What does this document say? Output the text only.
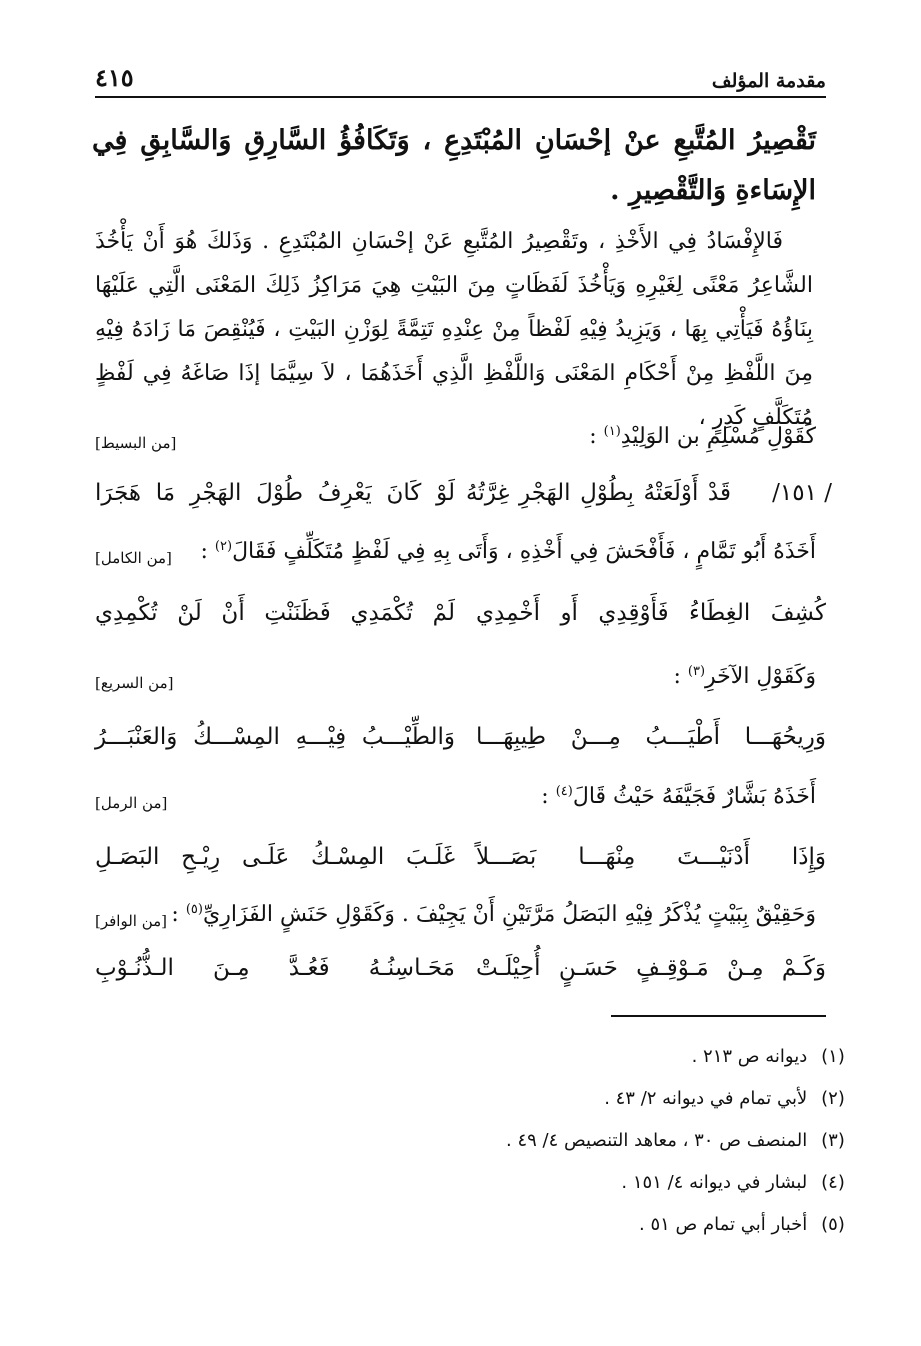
مقدمة المؤلف
٤١٥
تَقْصِيرُ المُتَّبعِ عنْ إحْسَانِ المُبْتَدِعِ ، وَتَكَافُؤُ السَّارِقِ وَالسَّابِقِ فِي الإِسَاءةِ وَالتَّقْصِيرِ .
فَالإِفْسَادُ فِي الأَخْذِ ، وتَقْصِيرُ المُتَّبعِ عَنْ إحْسَانِ المُبْتَدِعِ . وَذَلكَ هُوَ أَنْ يَأْخُذَ الشَّاعِرُ مَعْنًى لِغَيْرِهِ وَيَأْخُذَ لَفَظَاتٍ مِنَ البَيْتِ هِيَ مَرَاكِزُ ذَلِكَ المَعْنَى الَّتِي عَلَيْهَا بِنَاؤُهُ فَيَأْتِي بِهَا ، وَيَزِيدُ فِيْهِ لَفْظاً مِنْ عِنْدِهِ تَتِمَّةً لِوَزْنِ البَيْتِ ، فَيُنْقِصَ مَا زَادَهُ فِيْهِ مِنَ اللَّفْظِ مِنْ أَحْكَامِ المَعْنَى وَاللَّفْظِ الَّذِي أَخَذَهُمَا ، لاَ سِيَّمَا إذَا صَاغَهُ فِي لَفْظٍ مُتَكَلَّفٍ كَدِرٍ ،
كَقَوْلِ مُسْلِمِ بن الوَلِيْدِ$^{(١)}$ :
[من البسيط]
/ ١٥١/
قَدْ أَوْلَعَتْهُ بِطُوْلِ الهَجْرِ غِرَّتُهُ
لَوْ كَانَ يَعْرِفُ طُوْلَ الهَجْرِ مَا هَجَرَا
أَخَذَهُ أَبُو تَمَّامٍ ، فَأَفْحَشَ فِي أَخْذِهِ ، وَأَتَى بِهِ فِي لَفْظٍ مُتَكَلِّفٍ فَقَالَ$^{(٢)}$ :
[من الكامل]
كُشِفَ الغِطَاءُ فَأَوْقِدِي أَو أَخْمِدِي
لَمْ تُكْمَدِي فَظَنَنْتِ أَنْ لَنْ تُكْمِدِي
وَكَقَوْلِ الآخَرِ$^{(٣)}$ :
[من السريع]
وَرِيحُهَـــا أَطْيَـــبُ مِـــنْ طِيبِهَـــا
وَالطِّيْـــبُ فِيْـــهِ المِسْـــكُ وَالعَنْبَـــرُ
أَخَذَهُ بَشَّارٌ فَجَيَّفَهُ حَيْثُ قَالَ$^{(٤)}$ :
[من الرمل]
وَإِذَا أَدْنَيْـــتَ مِنْهَـــا بَصَـــلاً
غَلَـبَ المِسْـكُ عَلَـى رِيْـحِ البَصَـلِ
وَحَقِيْقٌ بِبَيْتٍ يُذْكَرُ فِيْهِ البَصَلُ مَرَّتَيْنِ أَنْ يَجِيْفَ . وَكَقَوْلِ حَنَشٍ الفَزَارِيِّ$^{(٥)}$ :
[من الوافر]
وَكَـمْ مِـنْ مَـوْقِـفٍ حَسَـنٍ أُحِيْلَـتْ
مَحَـاسِنُـهُ فَعُـدَّ مِـنَ الـذُّنُـوْبِ
(١) ديوانه ص ٢١٣ .
(٢) لأبي تمام في ديوانه ٢/ ٤٣ .
(٣) المنصف ص ٣٠ ، معاهد التنصيص ٤/ ٤٩ .
(٤) لبشار في ديوانه ٤/ ١٥١ .
(٥) أخبار أبي تمام ص ٥١ .
